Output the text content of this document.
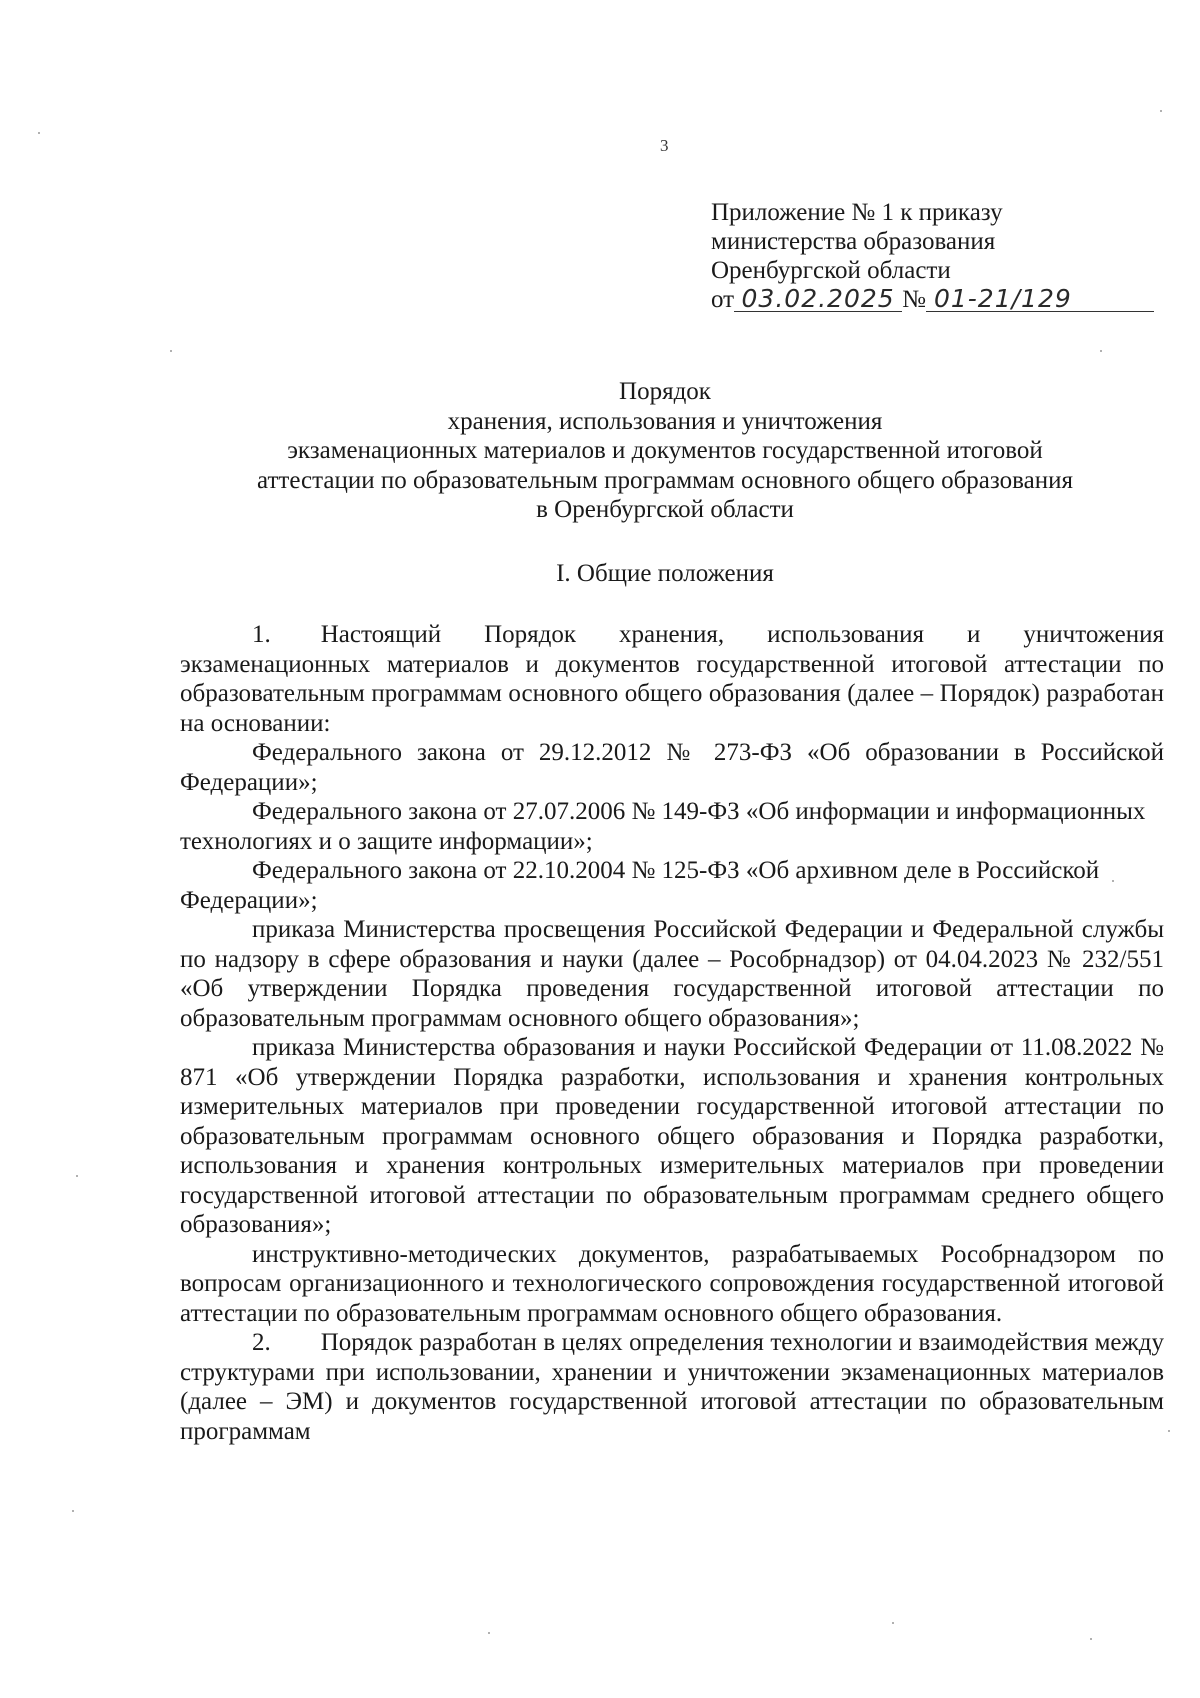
3
Приложение № 1 к приказу
министерства образования
Оренбургской области
от 03.02.2025 № 01-21/129
Порядок
хранения, использования и уничтожения
экзаменационных материалов и документов государственной итоговой
аттестации по образовательным программам основного общего образования
в Оренбургской области
I. Общие положения

1.  Настоящий Порядок хранения, использования и уничтожения экзаменационных материалов и документов государственной итоговой аттестации по образовательным программам основного общего образования (далее – Порядок) разработан на основании:

Федерального закона от 29.12.2012 № 273-ФЗ «Об образовании в Российской Федерации»;

Федерального закона от 27.07.2006 № 149-ФЗ «Об информации и информационных технологиях и о защите информации»;

Федерального закона от 22.10.2004 № 125-ФЗ «Об архивном деле в Российской Федерации»;

приказа Министерства просвещения Российской Федерации и Федеральной службы по надзору в сфере образования и науки (далее – Рособрнадзор) от 04.04.2023 № 232/551 «Об утверждении Порядка проведения государственной итоговой аттестации по образовательным программам основного общего образования»;

приказа Министерства образования и науки Российской Федерации от 11.08.2022 № 871 «Об утверждении Порядка разработки, использования и хранения контрольных измерительных материалов при проведении государственной итоговой аттестации по образовательным программам основного общего образования и Порядка разработки, использования и хранения контрольных измерительных материалов при проведении государственной итоговой аттестации по образовательным программам среднего общего образования»;

инструктивно-методических документов, разрабатываемых Рособрнадзором по вопросам организационного и технологического сопровождения государственной итоговой аттестации по образовательным программам основного общего образования.

2.  Порядок разработан в целях определения технологии и взаимодействия между структурами при использовании, хранении и уничтожении экзаменационных материалов (далее – ЭМ) и документов государственной итоговой аттестации по образовательным программам
